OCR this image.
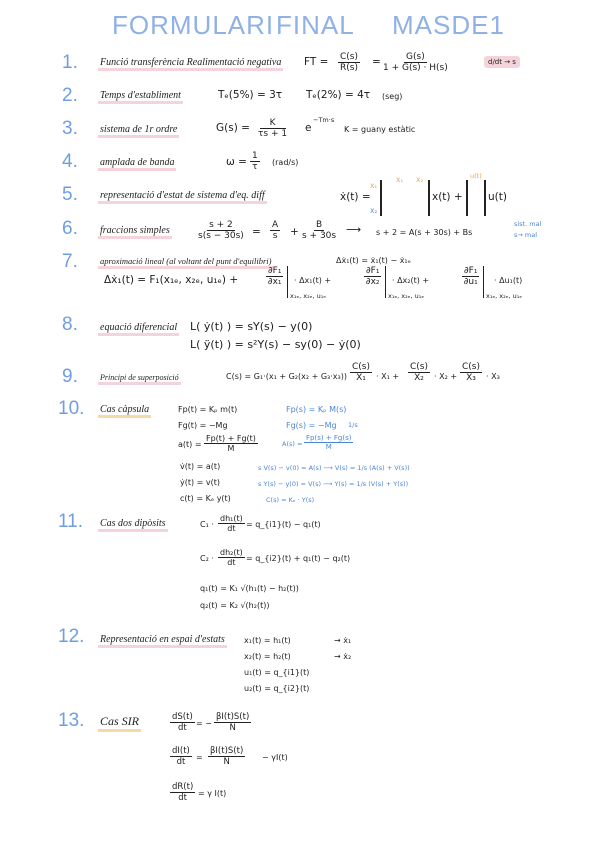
FORMULARI FINAL MASDE1
1. Funció transferència Realimentació negativa FT = $\frac{C(s)}{R(s)} = \frac{G(s)}{1 + G(s) \cdot H(s)}$	d/dt → s
2. Temps d'establiment	Tₑ(5%) = 3τ Tₑ(2%) = 4τ (seg)
3. sistema de 1r ordre	$G(s) = \frac{K}{\tau s + 1}$ e
−Tm·s
K = guany estàtic
4. amplada de banda	$\omega = \frac{1}{\tau} (rad/s)$
5. representació d'estat de sistema d'eq. diff	ẋ(t) =
X₁
X₂
X₁ X₂
x(t) +
u(t)
u(t)
6. fraccions simples	$\frac{s + 2}{s(s - 30s)} = \frac{A}{s} + \frac{B}{s + 30s}$ ⟶ s + 2 = A(s + 30s) + Bs
sist. mal
s→ mal
7.	aproximació lineal (al voltant del punt d'equilibri)	Δẋ₁(t) = ẋ₁(t) − ẋ₁ₑ
Δẋ₁(t) = F₁(x₁ₑ, x₂ₑ, u₁ₑ) +	$\frac{\text{∂F₁}}{\text{∂x₁}}$
x₁ₑ, x₂ₑ, u₁ₑ
· Δx₁(t) +	$\frac{\text{∂F₁}}{\text{∂x₂}}$
x₁ₑ, x₂ₑ, u₁ₑ
· Δx₂(t) +	$\frac{\text{∂F₁}}{\text{∂u₁}}$
x₁ₑ, x₂ₑ, u₁ₑ
· Δu₁(t)
8. equació diferencial L( ẏ(t) ) = sY(s) − y(0)
L( ÿ(t) ) = s²Y(s) − sy(0) − ẏ(0)
9.	Principi de superposició	$C(s) = G_1\cdot(x_1 + G_2(x_2 + G_3\cdot x_3)) \frac{C(s)}{\text{X₁}} \cdot X_1 + \frac{C(s)}{\text{X₂}} \cdot X_2 + \frac{C(s)}{\text{X₃}} \cdot X_3$
10. Cas càpsula	Fp(t) = Kₚ m(t)
Fg(t) = −Mg
$a(t) = \frac{Fp(t) + Fg(t)}{M}$
v̇(t) = a(t)
ẏ(t) = v(t)
c(t) = Kₑ y(t)
Fp(s) = Kₚ M(s)
Fg(s) = −Mg 1/s
$A(s) = \frac{Fp(s) + Fg(s)}{M}$
s V(s) − v(0) = A(s) ⟶ V(s) = 1/s (A(s) + V(s))
s Y(s) − y(0) = V(s) ⟶ Y(s) = 1/s (V(s) + Y(s))
C(s) = Kₑ · Y(s)
11. Cas dos dipòsits	$C_1 \cdot \frac{\text{dh₁(t)}}{dt}$ = q_{i1}(t) − q₁(t)
$C_2 \cdot \frac{\text{dh₂(t)}}{dt}$ = q_{i2}(t) + q₁(t) − q₂(t)
q₁(t) = K₁ √(h₁(t) − h₂(t))
q₂(t) = K₂ √(h₂(t))
12. Representació en espai d'estats x₁(t) = h₁(t)
x₂(t) = h₂(t)
u₁(t) = q_{i1}(t)
u₂(t) = q_{i2}(t)
→ ẋ₁
→ ẋ₂
13. Cas SIR	$\frac{dS(t)}{dt}$ = − $\frac{\beta I(t)S(t)}{N}$
$\frac{dI(t)}{dt} = \frac{\beta I(t)S(t)}{N} - \gamma I(t)$
$\frac{dR(t)}{dt} = \gamma$ I(t)
